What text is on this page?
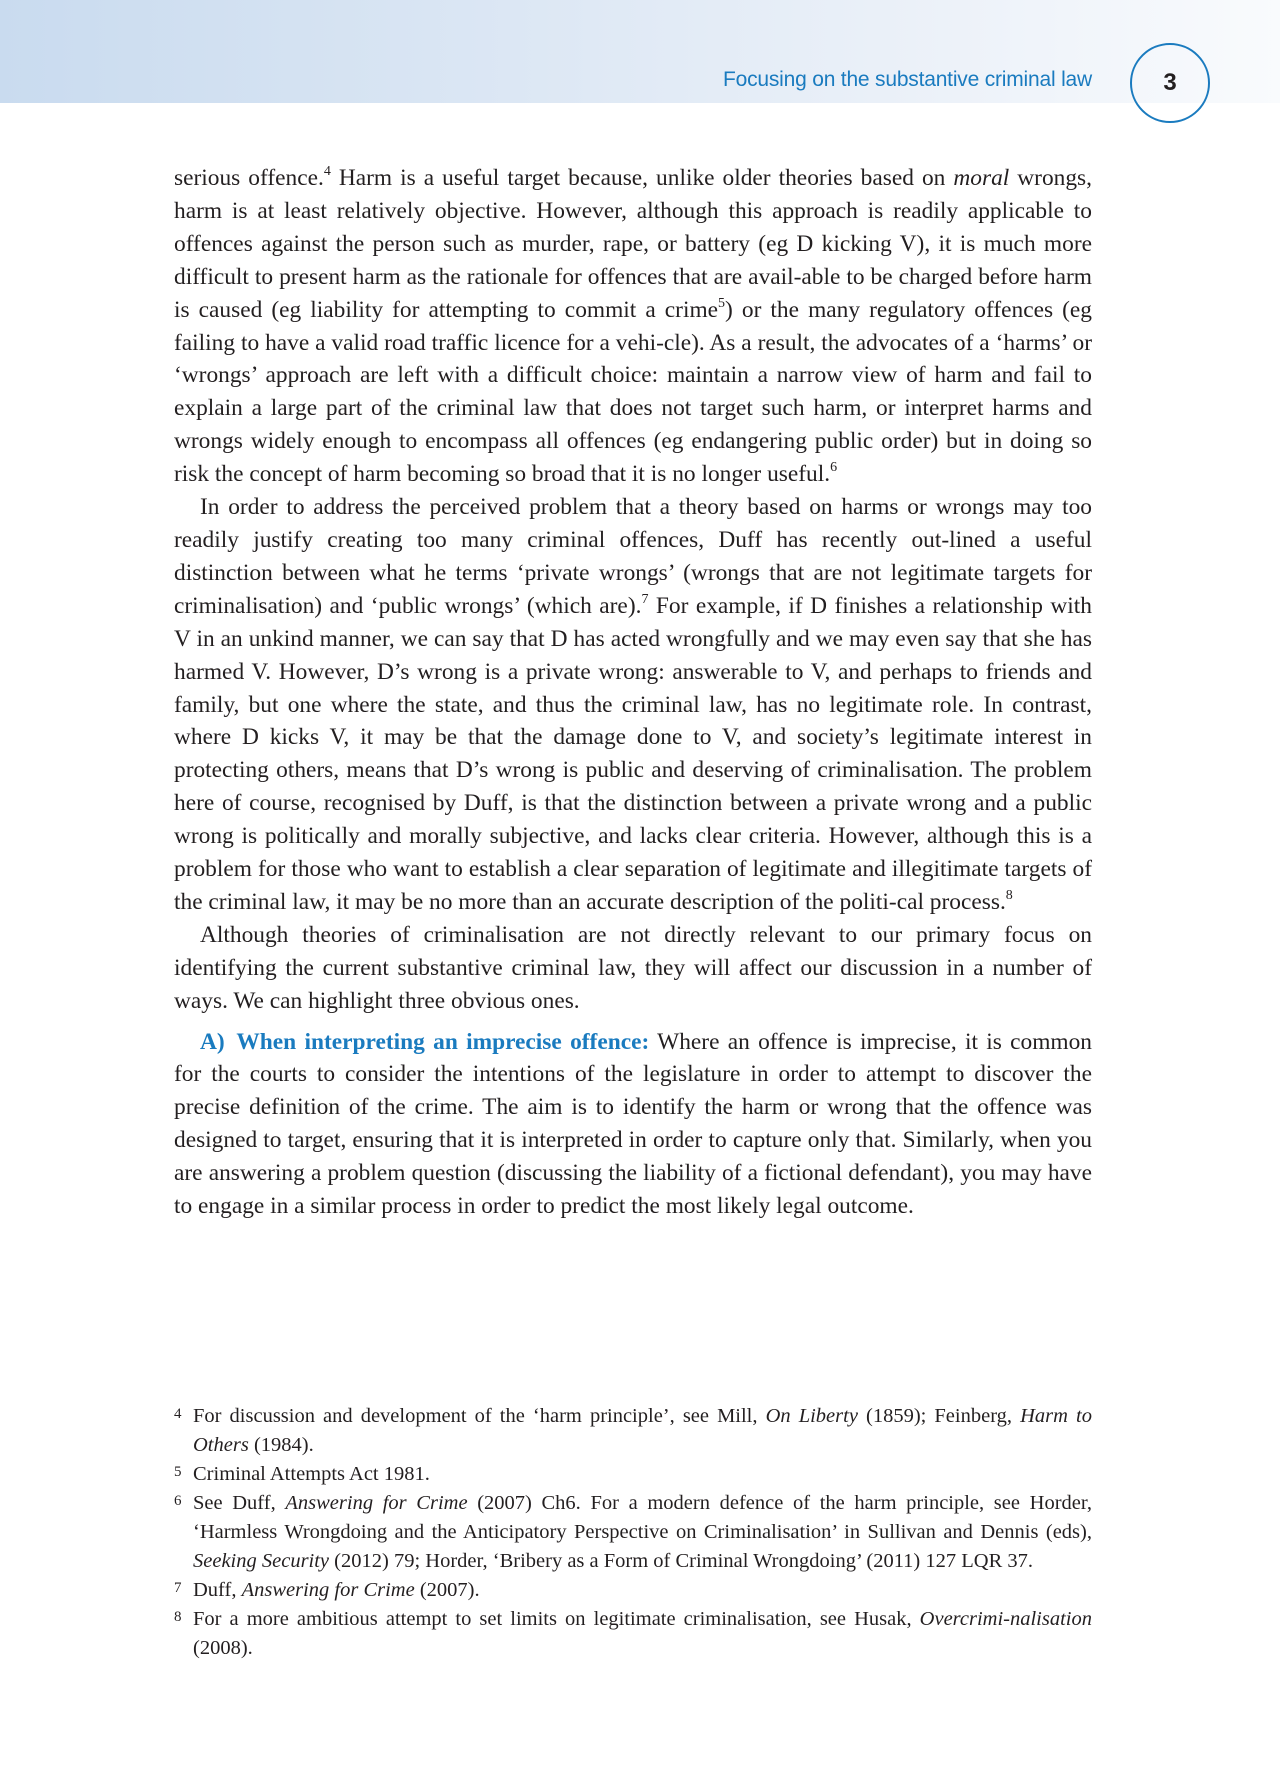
Focusing on the substantive criminal law	3

serious offence.$^4$ Harm is a useful target because, unlike older theories based on moral wrongs, harm is at least relatively objective. However, although this approach is readily applicable to offences against the person such as murder, rape, or battery (eg D kicking V), it is much more difficult to present harm as the rationale for offences that are avail-able to be charged before harm is caused (eg liability for attempting to commit a crime$^5$) or the many regulatory offences (eg failing to have a valid road traffic licence for a vehi-cle). As a result, the advocates of a ‘harms’ or ‘wrongs’ approach are left with a difficult choice: maintain a narrow view of harm and fail to explain a large part of the criminal law that does not target such harm, or interpret harms and wrongs widely enough to encompass all offences (eg endangering public order) but in doing so risk the concept of harm becoming so broad that it is no longer useful.$^6$

In order to address the perceived problem that a theory based on harms or wrongs may too readily justify creating too many criminal offences, Duff has recently out-lined a useful distinction between what he terms ‘private wrongs’ (wrongs that are not legitimate targets for criminalisation) and ‘public wrongs’ (which are).$^7$ For example, if D finishes a relationship with V in an unkind manner, we can say that D has acted wrongfully and we may even say that she has harmed V. However, D’s wrong is a private wrong: answerable to V, and perhaps to friends and family, but one where the state, and thus the criminal law, has no legitimate role. In contrast, where D kicks V, it may be that the damage done to V, and society’s legitimate interest in protecting others, means that D’s wrong is public and deserving of criminalisation. The problem here of course, recognised by Duff, is that the distinction between a private wrong and a public wrong is politically and morally subjective, and lacks clear criteria. However, although this is a problem for those who want to establish a clear separation of legitimate and illegitimate targets of the criminal law, it may be no more than an accurate description of the politi-cal process.$^8$

Although theories of criminalisation are not directly relevant to our primary focus on identifying the current substantive criminal law, they will affect our discussion in a number of ways. We can highlight three obvious ones.

A) When interpreting an imprecise offence: Where an offence is imprecise, it is common for the courts to consider the intentions of the legislature in order to attempt to discover the precise definition of the crime. The aim is to identify the harm or wrong that the offence was designed to target, ensuring that it is interpreted in order to capture only that. Similarly, when you are answering a problem question (discussing the liability of a fictional defendant), you may have to engage in a similar process in order to predict the most likely legal outcome.

4 For discussion and development of the ‘harm principle’, see Mill, On Liberty (1859); Feinberg, Harm to Others (1984).
5 Criminal Attempts Act 1981.
6 See Duff, Answering for Crime (2007) Ch6. For a modern defence of the harm principle, see Horder, ‘Harmless Wrongdoing and the Anticipatory Perspective on Criminalisation’ in Sullivan and Dennis (eds), Seeking Security (2012) 79; Horder, ‘Bribery as a Form of Criminal Wrongdoing’ (2011) 127 LQR 37.
7 Duff, Answering for Crime (2007).
8 For a more ambitious attempt to set limits on legitimate criminalisation, see Husak, Overcrimi-nalisation (2008).
